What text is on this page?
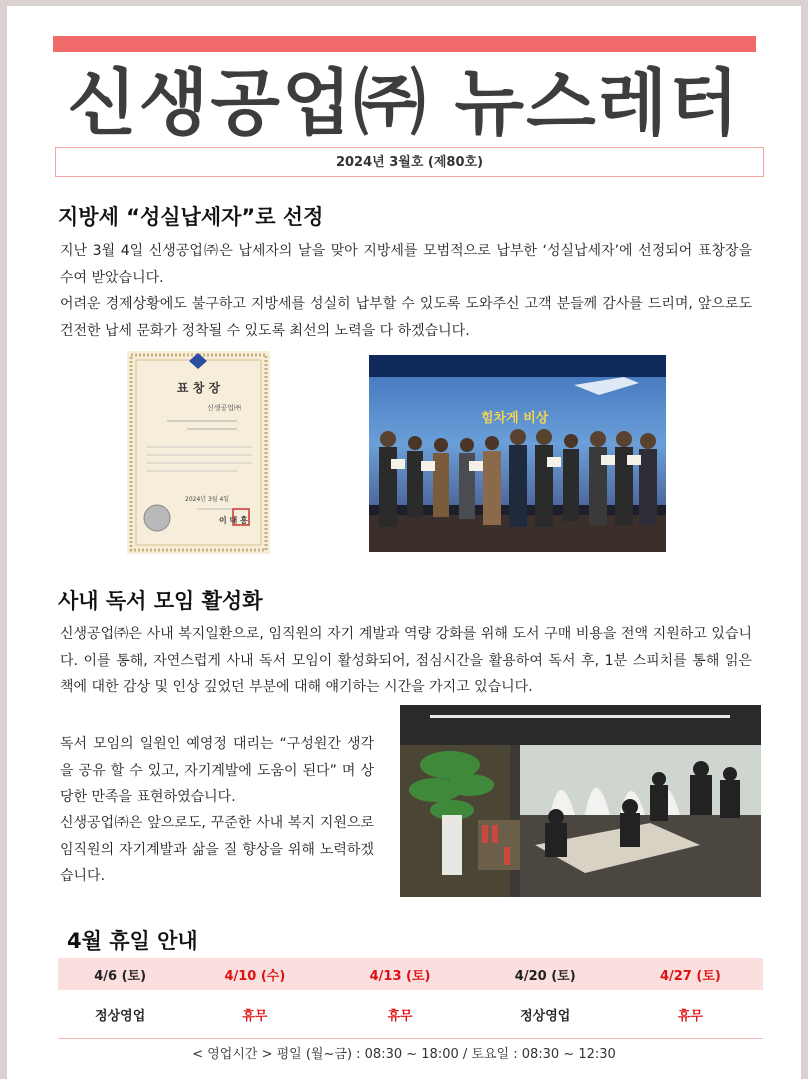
신생공업㈜ 뉴스레터
2024년 3월호 (제80호)
지방세 “성실납세자”로 선정

지난 3월 4일 신생공업㈜은 납세자의 날을 맞아 지방세를 모범적으로 납부한 ‘성실납세자’에 선정되어 표창장을 수여 받았습니다.

어려운 경제상황에도 불구하고 지방세를 성실히 납부할 수 있도록 도와주신 고객 분들께 감사를 드리며, 앞으로도 건전한 납세 문화가 정착될 수 있도록 최선의 노력을 다 하겠습니다.

표 창 장
신생공업㈜
2024년 3월 4일
이 대 흥
힘차게 비상
사내 독서 모임 활성화

신생공업㈜은 사내 복지일환으로, 임직원의 자기 계발과 역량 강화를 위해 도서 구매 비용을 전액 지원하고 있습니다. 이를 통해, 자연스럽게 사내 독서 모임이 활성화되어, 점심시간을 활용하여 독서 후, 1분 스피치를 통해 읽은 책에 대한 감상 및 인상 깊었던 부분에 대해 얘기하는 시간을 가지고 있습니다.

독서 모임의 일원인 예영정 대리는 “구성원간 생각을 공유 할 수 있고, 자기계발에 도움이 된다” 며 상당한 만족을 표현하였습니다.

신생공업㈜은 앞으로도, 꾸준한 사내 복지 지원으로 임직원의 자기계발과 삶을 질 향상을 위해 노력하겠습니다.

4월 휴일 안내
4/6 (토)	4/10 (수)	4/13 (토)	4/20 (토)	4/27 (토)
정상영업	휴무	휴무	정상영업	휴무
< 영업시간 > 평일 (월~금) : 08:30 ~ 18:00 / 토요일 : 08:30 ~ 12:30
